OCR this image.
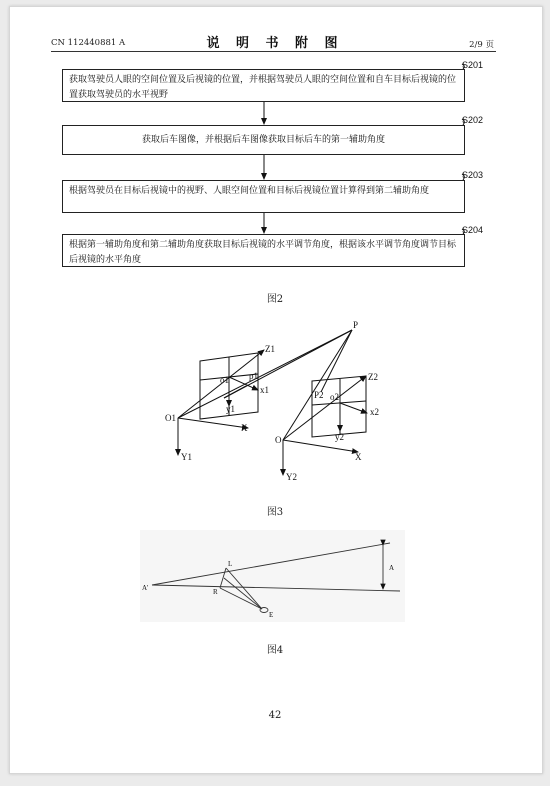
CN 112440881 A	说 明 书 附 图	2/9 页
S201
获取驾驶员人眼的空间位置及后视镜的位置，并根据驾驶员人眼的空间位置和自车目标后视镜的位置获取驾驶员的水平视野
S202
获取后车图像，并根据后车图像获取目标后车的第一辅助角度
S203
根据驾驶员在目标后视镜中的视野、人眼空间位置和目标后视镜位置计算得到第二辅助角度
S204
根据第一辅助角度和第二辅助角度获取目标后视镜的水平调节角度，根据该水平调节角度调节目标后视镜的水平角度
P
Z1
o1 p1
x1
y1
O1
X
Y1
Z2
P2 o2
x2
y2
O
X
Y2
A'
L
R
E
A
图2
图3
图4
42
